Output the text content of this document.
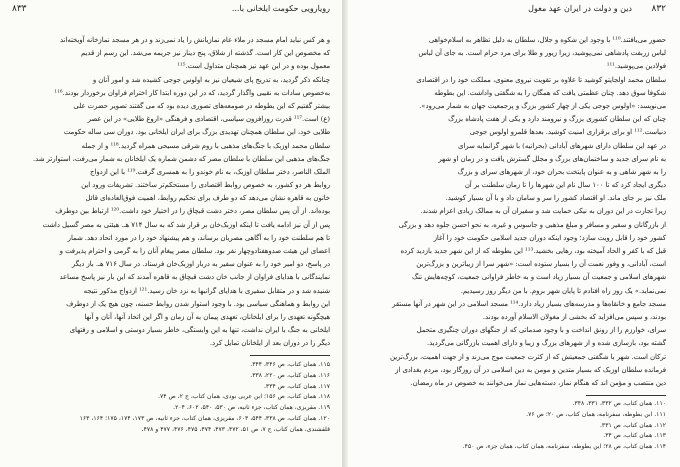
۸۳۲
دین و دولت در ایران عهد مغول
حضور می‌یافتند.¹¹⁰ با وجود این شکوه و جلال، سلطان به دلیل تظاهر به اسلام‌خواهی
لباس زربفت پادشاهی نمی‌پوشید، زیرا زیور و طلا برای مرد حرام است. به جای آن لباس
فولادین می‌پوشید.¹¹¹
سلطان محمد اولجایتو کوشید تا علاوه بر تقویت نیروی معنوی، مملکت خود را در اقتصادی
شکوفا سوق دهد. چنان عظمتی یافت که همگان را به شگفتی واداشت. این بطوطه
می‌نویسد: «اولوس جوجی یکی از چهار کشور بزرگ و پرجمعیت جهان به شمار می‌رود».
چنان که این سلطان کشوری بزرگ و نیرومند دارد و یکی از هفت پادشاه بزرگ
دنیاست.¹¹² او برای برقراری امنیت کوشید. بعدها قلمرو اولوس جوجی
در عهد این سلطان دارای شهرهای آبادانی (بحرانیه) با شهر گرانمایه سرای
به نام سرای جدید و ساختمان‌های بزرگ و مجلل گسترش یافت و در زمان او شهر
را به شهر شاهی و به عنوان پایتخت بحران خود، از شهرهای سرای و بزرگ
دیگری ایجاد کرد که تا ۱۰۰ سال نام این شهرها را تا زمان سلطنت بر آن
ملک نیز بر جای ماند. او اقتصاد کشور را سر و سامان داد و با آن بسیار کوشید.
زیرا تجارت در این دوران به نیکی حمایت شد و سفیران آن به ممالک زیادی اعزام شدند.
از بازرگانان و سفیر و مسافر و مبلغ مذهبی و جاسوس و غیره، به نحو احسن جلوه دهد و بزرگی
کشور خود را قابل رویت سازد؛ وجود اینکه دوران جدید اسلامی حکومت خود را آغاز
قبل که با کفر و الحاد آمیخته بود، رهایی بخشید.¹¹³ این بطوطه که از این شهر جدید بازدید کرده
است، آبادانی، و وفور نعمت آن را بسیار ستوده است: «شهر سرا از زیباترین و بزرگ‌ترین
شهرهای اسلامی و جمعیت آن بسیار زیاد است و به خاطر فراوانی جمعیت، کوچه‌هایش تنگ
نمی‌نماید.» یک روز راه افتادم تا پایان شهر بروم. با من دیگر روز رسیدیم.
مسجد جامع و خانقاه‌ها و مدرسه‌های بسیار زیاد دارد.¹¹⁴ مسجد اسلامی در این شهر در آنها مستقر
بودند، و سپس می‌افزاید که بخشی از مغولان الاسلام آورده بودند.
سرای، خوارزم را از رونق انداخت و با وجود صدماتی که از جنگهای دوران چنگیزی متحمل
گشته بود، بازسازی شده و از شهرهای بزرگ و زیبا و دارای اهمیت بازرگانی می‌گردید.
ترکان است. شهر با شگفتی جمعیتش که از کثرت جمعیت موج می‌زند و از جهت اهمیت، بزرگ‌ترین
فرمانده سلطان اوزبک که بسیار متدین و مومن به دین اسلامی در آن روزگار بود، مردم بغدادی از
دین منتصب و مؤمن اند که هنگام نماز، دسته‌هایی نماز می‌خوانند به خصوص در ماه رمضان.
۱۱۰. همان کتاب، ص ۳۳۲، ۳۳۱، ۳۴۸.
۱۱۱. ابن بطوطه، سفرنامه، همان کتاب، ص ۲۰؛ ص ۷۶.
۱۱۲. همان کتاب، ص ۳۳۱.
۱۱۳. همان کتاب، ص ۳۴.
۱۱۴. همان کتاب، ص ۲۸؛ این بطوطه، سفرنامه، همان کتاب، همان جزء، ص ۴۵۰.
رویارویی حکومت ایلخانی با...
۸۳۳
و هر کس نباید امام مسجد در ملاء عام نمازیانش را یاد نمی‌زند و در هر مسجد نمازخانه آویخته‌اند
که مخصوص این کار است. گذشته از شلاق، پنج دینار نیز جریمه می‌شد. این رسم از قدیم
معمول بوده و در این عهد نیز همچنان متداول است.¹¹⁵
چنانکه ذکر گردید، به تدریج پای شیعیان نیز به اولوس جوجی کشیده شد و امور آنان و
به‌خصوص سادات به نقیبی واگذار گردید، که در این دوره ابتدا کار اخترام فراوان برخوردار بودند.¹¹⁶
بیشتر گفتیم که این بطوطه در صومعه‌های تصوری دیده بود که می گفتند تصویر حضرت علی
(ع) است.¹¹⁷ قدرت روزافزون سیاسی، اقتصادی و فرهنگی «اروغ طلایی» در این عصر
طلایی خود، این سلطان همچنان تهدیدی بزرگ برای ایران ایلخانی بود. دوران سی ساله حکومت
سلطان محمد اوزبک با جنگ‌های مذهبی با روم شرقی مسیحی همراه گردید.¹¹⁸ و از جمله
جنگ‌های مذهبی این سلطان با سلطان مصر که دشمن شماره یک ایلخانان به شمار می‌رفت، استوارتر شد.
الملک الناصر، دختر سلطان اوزبک، به نام خوندو را به همسری گرفت.¹¹⁹ با این ازدواج
روابط هر دو کشور، به خصوص روابط اقتصادی را مستحکم‌تر ساختند. تشریفات ورود این
خاتون به قاهره نشان می‌دهد که دو طرف برای تحکیم روابط، اهمیت فوق‌العاده‌ای قائل
بوده‌اند. از آن پس سلطان مصر، دختر دشت قبچاق را در اختیار خود داشت.¹²⁰ ارتباط بین دوطرف
پس از آن نیز ادامه یافت تا اینکه اوزبک‌خان بر قرار شد که به سال ۷۱۴ هـ. هیئتی به مصر گسیل داشت
تا هم سلطنت خود را به آگاهی مصریان برساند، و هم پیشنهاد خود را در مورد اتحاد دهد. شمار
اعضای این هیئت صدوهفتادوچهار نفر بود. سلطان مصر پیغام آنان را به گرمی و احترام پذیرفت و
در پاسخ، دو امیر خود را به عنوان سفیر به دربار اوزبک‌خان فرستاد. در سال ۷۱۶ هـ. باز دیگر
نمایندگانی با هدایای فراوان از جانب خان دشت قبچاق به قاهره آمدند که این بار نیز پاسخ مساعد
شنیده شد و در متقابل سفیری با هدایای گرانبها به نزد خان رسید.¹²¹ ازدواج مذکور نتیجه
این روابط و هماهنگی سیاسی بود. با وجود استوار شدن روابط حسنه، چون هیچ یک از دوطرف
هیچگونه تعهدی را برای ایلخانان، تعهدی پیمان به آن زمان و اگر این اتحاد آنها، آنان و آنها
ایلخانی به جنگ با ایران نداشت، تنها به این وابستگی، خاطر بسیار دوستی و اسلامی و رفتهای
دیگر را در دوران بعد از ایلخانان تمایل کرد.
۱۱۵. همان کتاب، ص ۳۴۶، ۳۴۴.
۱۱۶. همان کتاب، ص ۲۲۰، ۳۳۸.
۱۱۷. همان کتاب، ص ۳۳۴.
۱۱۸. همان کتاب، ص ۱۵۶؛ ابن عربی بودی، همان کتاب، ج ۲، ص ۷۴.
۱۱۹. مقریزی، همان کتاب، جزء ثانیه، ص ۵۳۰، ۵۴۰، ۶۰۲، ۲۰۴.
۱۲۰. همان کتاب، ص ۳۳۸، ۵۴۴، ۶۰۳، مقریزی، همان کتاب، جزء ثانیه، ص ۱۷۳، ۱۷۴، ۱۷۵؛ ۱۶۴، ۱۶۳
قلقشندی، همان کتاب، ج ۷، ص ۵۱، ۴۷۲، ۴۷۳، ۴۷۴، ۴۷۵، ۴۷۶، ۴۷۷ و ۴۷۸.
